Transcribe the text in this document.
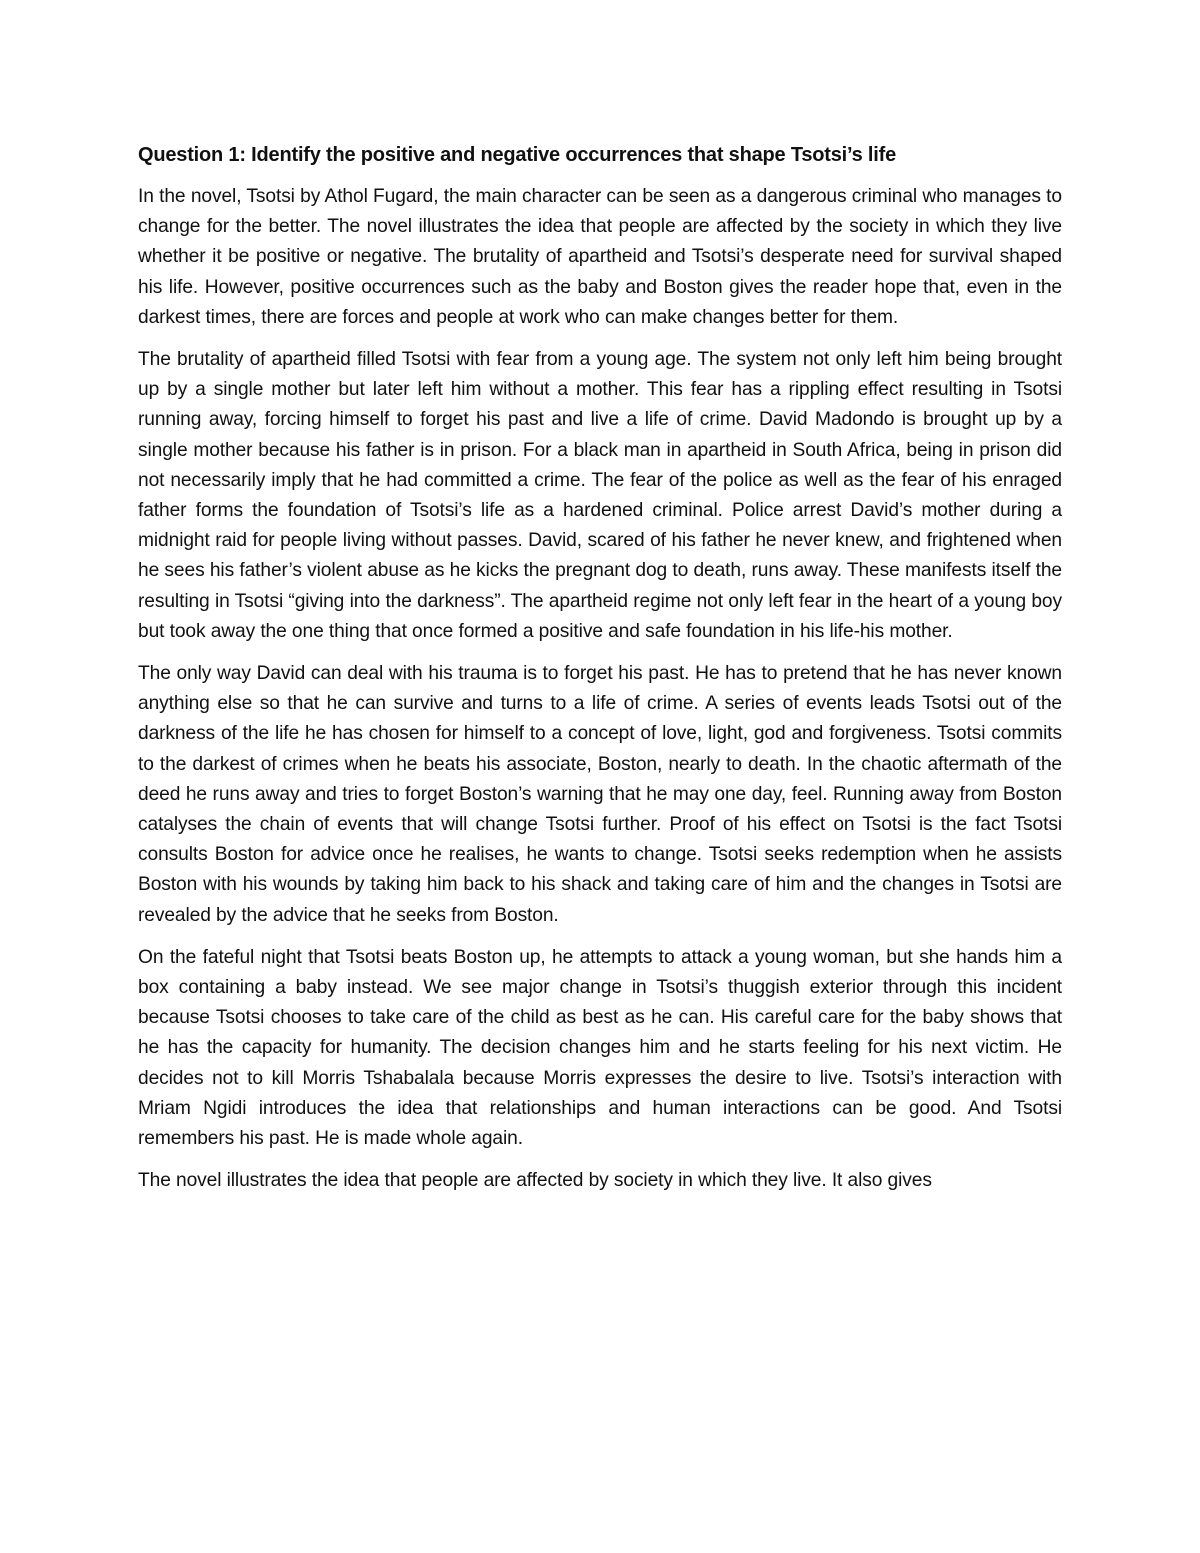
Question 1: Identify the positive and negative occurrences that shape Tsotsi’s life

In the novel, Tsotsi by Athol Fugard, the main character can be seen as a dangerous criminal who manages to change for the better. The novel illustrates the idea that people are affected by the society in which they live whether it be positive or negative. The brutality of apartheid and Tsotsi’s desperate need for survival shaped his life. However, positive occurrences such as the baby and Boston gives the reader hope that, even in the darkest times, there are forces and people at work who can make changes better for them.

The brutality of apartheid filled Tsotsi with fear from a young age. The system not only left him being brought up by a single mother but later left him without a mother. This fear has a rippling effect resulting in Tsotsi running away, forcing himself to forget his past and live a life of crime. David Madondo is brought up by a single mother because his father is in prison. For a black man in apartheid in South Africa, being in prison did not necessarily imply that he had committed a crime. The fear of the police as well as the fear of his enraged father forms the foundation of Tsotsi’s life as a hardened criminal. Police arrest David’s mother during a midnight raid for people living without passes. David, scared of his father he never knew, and frightened when he sees his father’s violent abuse as he kicks the pregnant dog to death, runs away. These manifests itself the resulting in Tsotsi “giving into the darkness”. The apartheid regime not only left fear in the heart of a young boy but took away the one thing that once formed a positive and safe foundation in his life-his mother.

The only way David can deal with his trauma is to forget his past. He has to pretend that he has never known anything else so that he can survive and turns to a life of crime. A series of events leads Tsotsi out of the darkness of the life he has chosen for himself to a concept of love, light, god and forgiveness. Tsotsi commits to the darkest of crimes when he beats his associate, Boston, nearly to death. In the chaotic aftermath of the deed he runs away and tries to forget Boston’s warning that he may one day, feel. Running away from Boston catalyses the chain of events that will change Tsotsi further. Proof of his effect on Tsotsi is the fact Tsotsi consults Boston for advice once he realises, he wants to change. Tsotsi seeks redemption when he assists Boston with his wounds by taking him back to his shack and taking care of him and the changes in Tsotsi are revealed by the advice that he seeks from Boston.

On the fateful night that Tsotsi beats Boston up, he attempts to attack a young woman, but she hands him a box containing a baby instead. We see major change in Tsotsi’s thuggish exterior through this incident because Tsotsi chooses to take care of the child as best as he can. His careful care for the baby shows that he has the capacity for humanity. The decision changes him and he starts feeling for his next victim. He decides not to kill Morris Tshabalala because Morris expresses the desire to live. Tsotsi’s interaction with Mriam Ngidi introduces the idea that relationships and human interactions can be good. And Tsotsi remembers his past. He is made whole again.

The novel illustrates the idea that people are affected by society in which they live. It also gives
